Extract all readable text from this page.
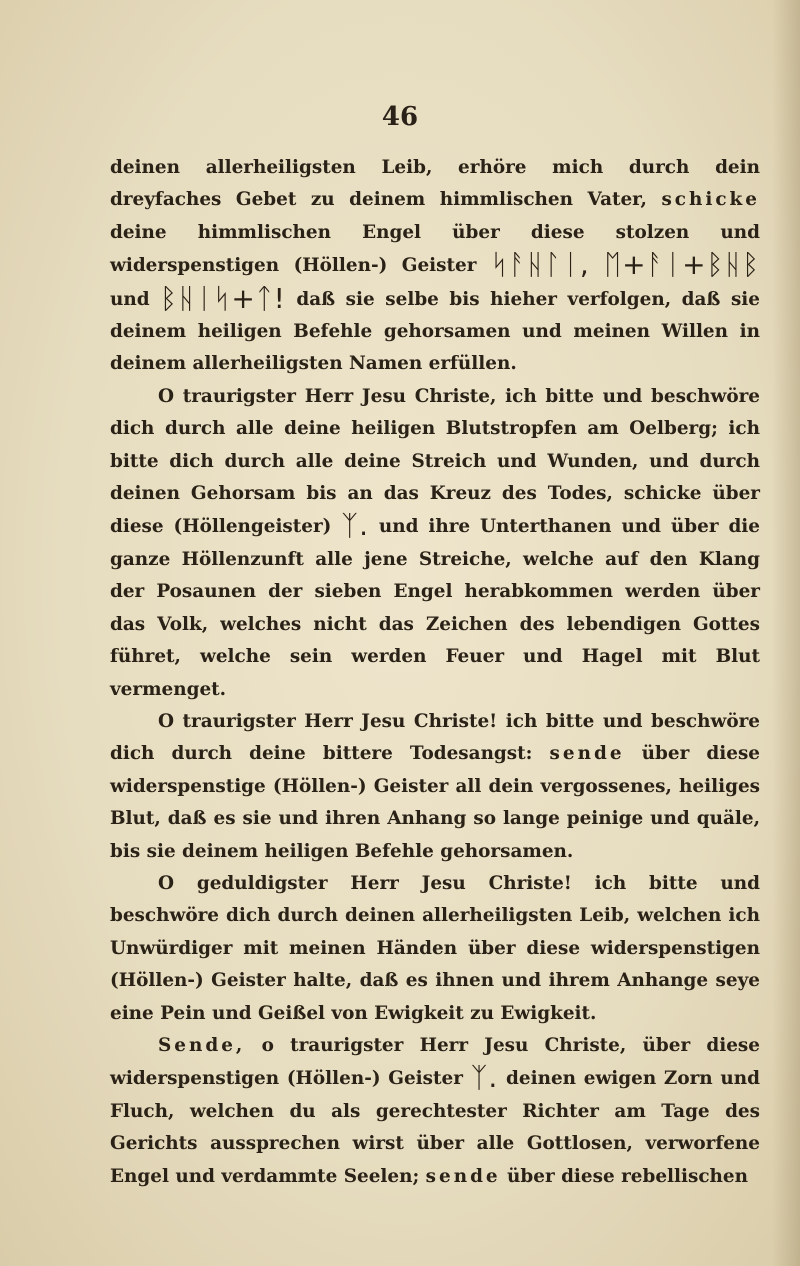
46

deinen allerheiligsten Leib, erhöre mich durch dein dreyfaches Gebet zu deinem himmlischen Vater, schicke deine himmlischen Engel über diese stolzen und widerspenstigen (Höllen-) Geister ᛋᚨᚺᛚᛁ, ᛖ+ᚨᛁ+ᛒᚺᛒ und ᛒᚺᛁᛋ+ᛏ! daß sie selbe bis hieher verfolgen, daß sie deinem heiligen Befehle gehorsamen und meinen Willen in deinem allerheiligsten Namen erfüllen.

O traurigster Herr Jesu Christe, ich bitte und beschwöre dich durch alle deine heiligen Blutstropfen am Oelberg; ich bitte dich durch alle deine Streich und Wunden, und durch deinen Gehorsam bis an das Kreuz des Todes, schicke über diese (Höllengeister) ᛉ. und ihre Unterthanen und über die ganze Höllenzunft alle jene Streiche, welche auf den Klang der Posaunen der sieben Engel herabkommen werden über das Volk, welches nicht das Zeichen des lebendigen Gottes führet, welche sein werden Feuer und Hagel mit Blut vermenget.

O traurigster Herr Jesu Christe! ich bitte und beschwöre dich durch deine bittere Todesangst: sende über diese widerspenstige (Höllen-) Geister all dein vergossenes, heiliges Blut, daß es sie und ihren Anhang so lange peinige und quäle, bis sie deinem heiligen Befehle gehorsamen.

O geduldigster Herr Jesu Christe! ich bitte und beschwöre dich durch deinen allerheiligsten Leib, welchen ich Unwürdiger mit meinen Händen über diese widerspenstigen (Höllen-) Geister halte, daß es ihnen und ihrem Anhange seye eine Pein und Geißel von Ewigkeit zu Ewigkeit.

Sende, o traurigster Herr Jesu Christe, über diese widerspenstigen (Höllen-) Geister ᛉ. deinen ewigen Zorn und Fluch, welchen du als gerechtester Richter am Tage des Gerichts aussprechen wirst über alle Gottlosen, verworfene Engel und verdammte Seelen; sende über diese rebellischen
